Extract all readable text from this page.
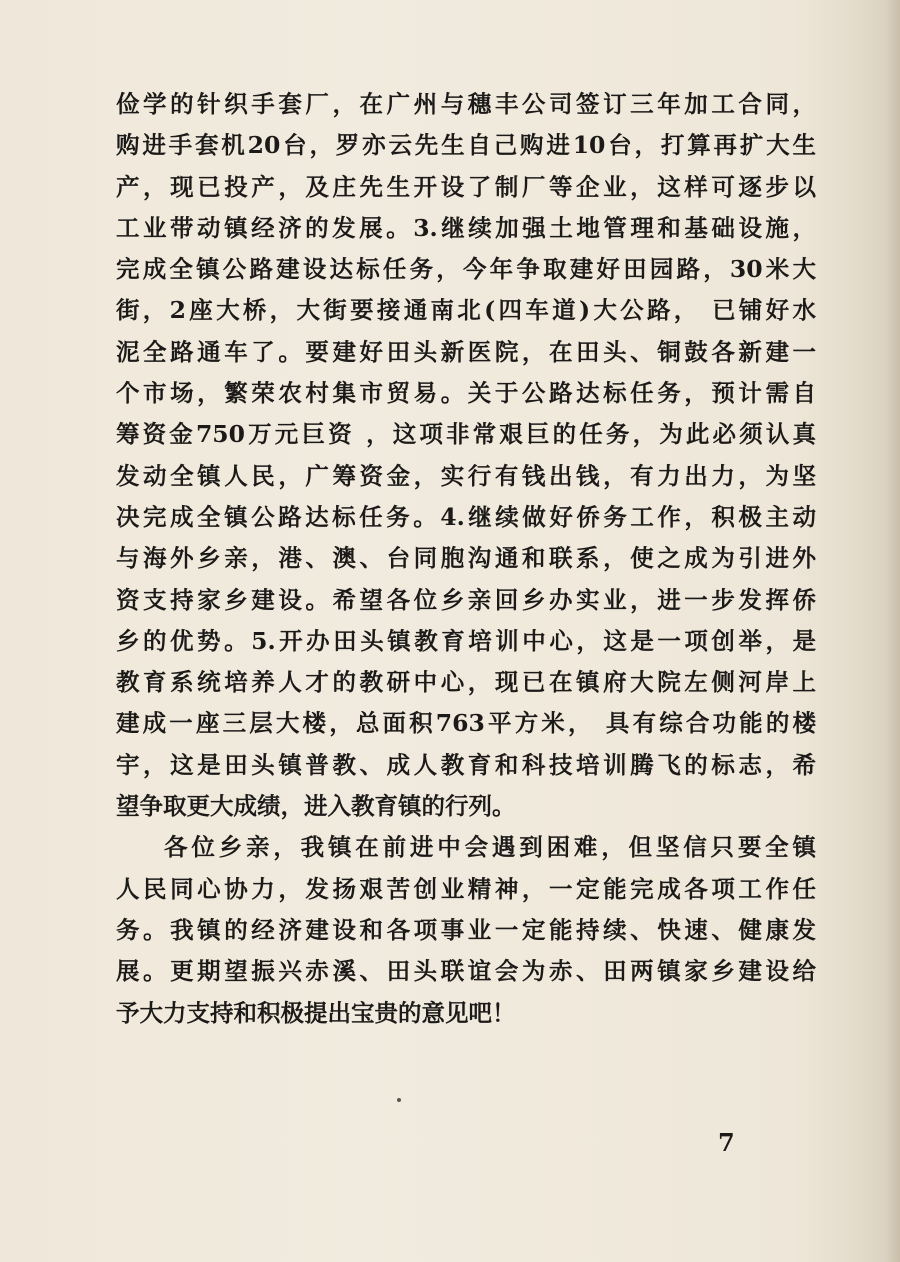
俭学的针织手套厂，在广州与穗丰公司签订三年加工合同，
购进手套机20台，罗亦云先生自己购进10台，打算再扩大生
产，现已投产，及庄先生开设了制厂等企业，这样可逐步以
工业带动镇经济的发展。3.继续加强土地管理和基础设施，
完成全镇公路建设达标任务，今年争取建好田园路，30米大
街，2座大桥，大街要接通南北(四车道)大公路， 已铺好水
泥全路通车了。要建好田头新医院，在田头、铜鼓各新建一
个市场，繁荣农村集市贸易。关于公路达标任务，预计需自
筹资金750万元巨资 ，这项非常艰巨的任务，为此必须认真
发动全镇人民，广筹资金，实行有钱出钱，有力出力，为坚
决完成全镇公路达标任务。4.继续做好侨务工作，积极主动
与海外乡亲，港、澳、台同胞沟通和联系，使之成为引进外
资支持家乡建设。希望各位乡亲回乡办实业，进一步发挥侨
乡的优势。5.开办田头镇教育培训中心，这是一项创举，是
教育系统培养人才的教研中心，现已在镇府大院左侧河岸上
建成一座三层大楼，总面积763平方米， 具有综合功能的楼
宇，这是田头镇普教、成人教育和科技培训腾飞的标志，希
望争取更大成绩，进入教育镇的行列。
各位乡亲，我镇在前进中会遇到困难，但坚信只要全镇
人民同心协力，发扬艰苦创业精神，一定能完成各项工作任
务。我镇的经济建设和各项事业一定能持续、快速、健康发
展。更期望振兴赤溪、田头联谊会为赤、田两镇家乡建设给
予大力支持和积极提出宝贵的意见吧！
7
